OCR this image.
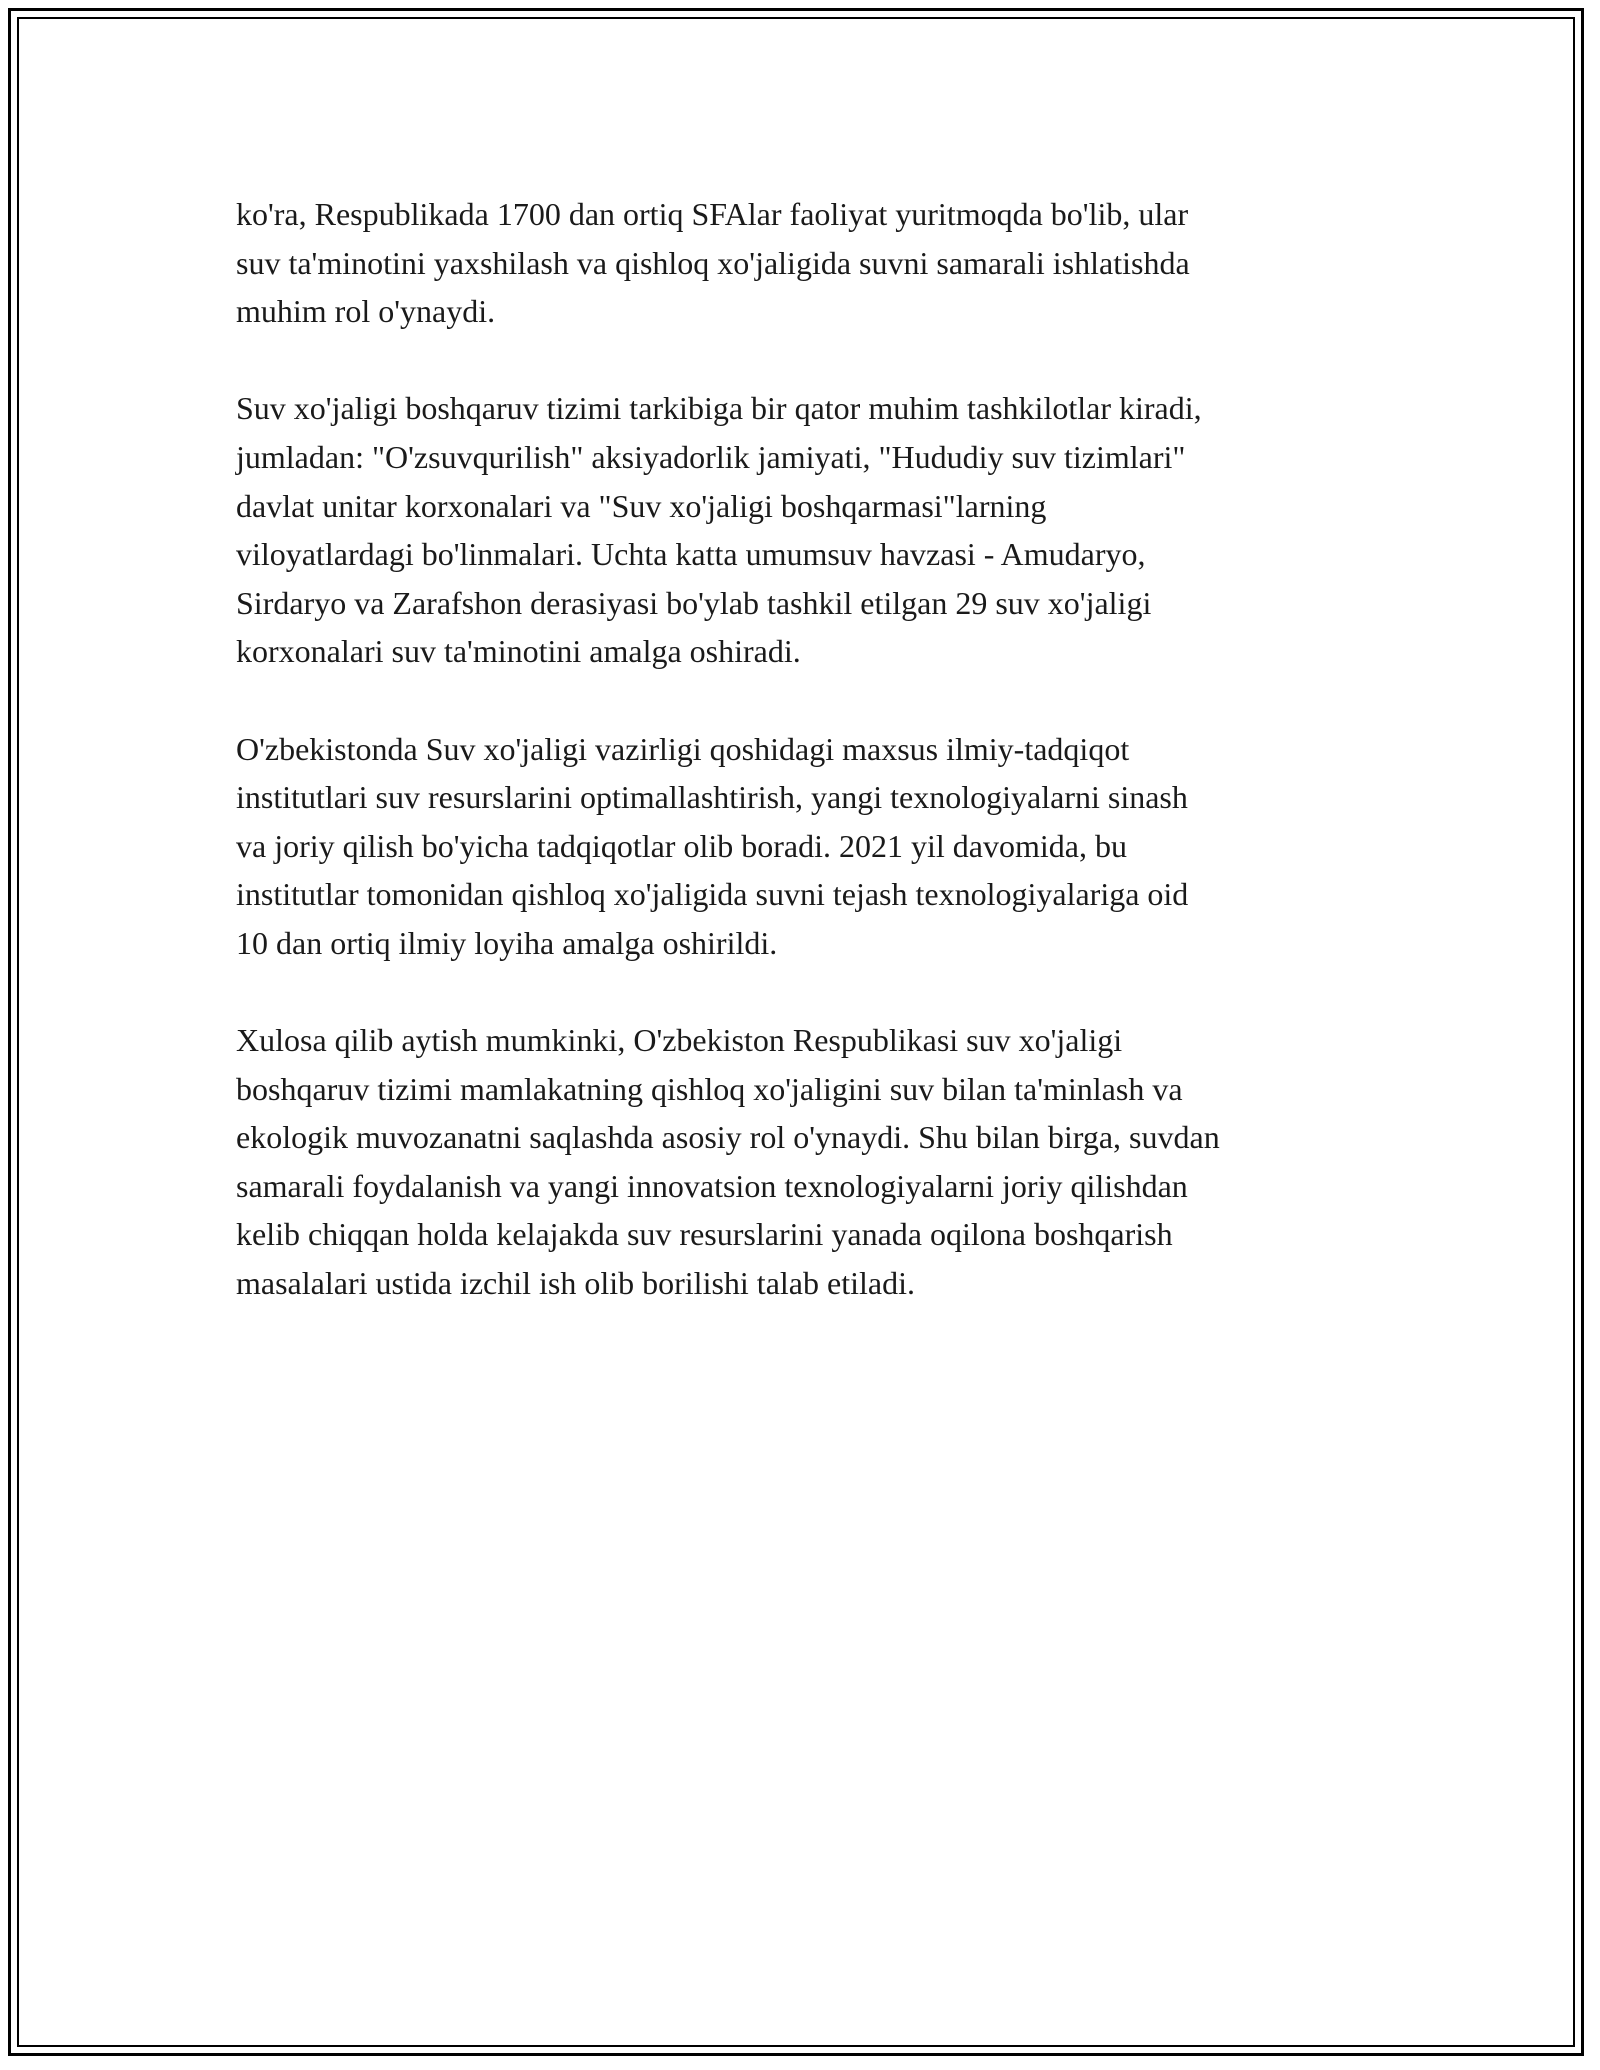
ko'ra, Respublikada 1700 dan ortiq SFAlar faoliyat yuritmoqda bo'lib, ular
suv ta'minotini yaxshilash va qishloq xo'jaligida suvni samarali ishlatishda
muhim rol o'ynaydi.
Suv xo'jaligi boshqaruv tizimi tarkibiga bir qator muhim tashkilotlar kiradi,
jumladan: "O'zsuvqurilish" aksiyadorlik jamiyati, "Hududiy suv tizimlari"
davlat unitar korxonalari va "Suv xo'jaligi boshqarmasi"larning
viloyatlardagi bo'linmalari. Uchta katta umumsuv havzasi - Amudaryo,
Sirdaryo va Zarafshon derasiyasi bo'ylab tashkil etilgan 29 suv xo'jaligi
korxonalari suv ta'minotini amalga oshiradi.
O'zbekistonda Suv xo'jaligi vazirligi qoshidagi maxsus ilmiy-tadqiqot
institutlari suv resurslarini optimallashtirish, yangi texnologiyalarni sinash
va joriy qilish bo'yicha tadqiqotlar olib boradi. 2021 yil davomida, bu
institutlar tomonidan qishloq xo'jaligida suvni tejash texnologiyalariga oid
10 dan ortiq ilmiy loyiha amalga oshirildi.
Xulosa qilib aytish mumkinki, O'zbekiston Respublikasi suv xo'jaligi
boshqaruv tizimi mamlakatning qishloq xo'jaligini suv bilan ta'minlash va
ekologik muvozanatni saqlashda asosiy rol o'ynaydi. Shu bilan birga, suvdan
samarali foydalanish va yangi innovatsion texnologiyalarni joriy qilishdan
kelib chiqqan holda kelajakda suv resurslarini yanada oqilona boshqarish
masalalari ustida izchil ish olib borilishi talab etiladi.
